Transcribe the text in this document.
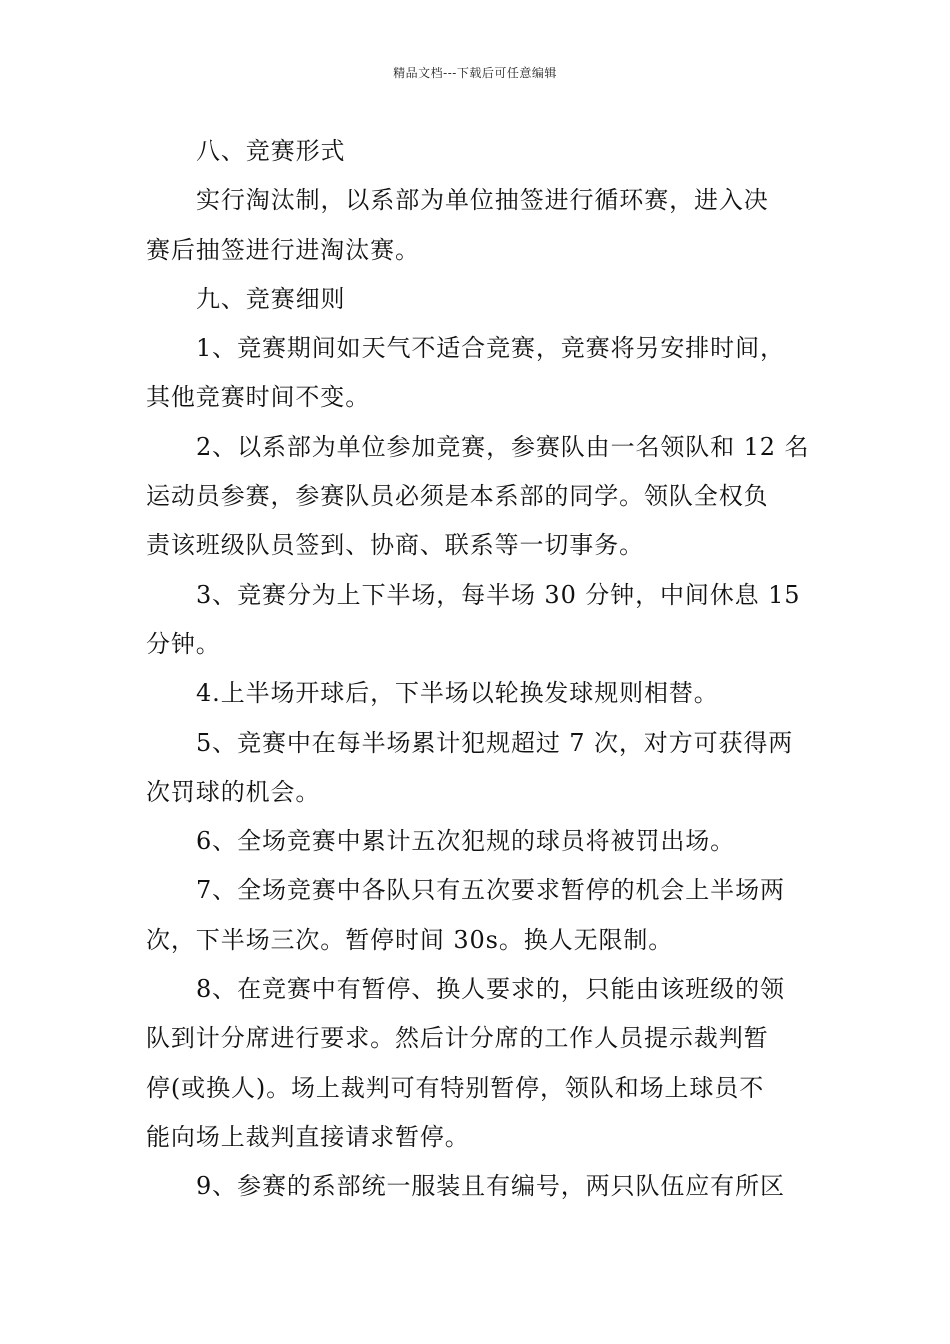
精品文档---下载后可任意编辑
八、竞赛形式
实行淘汰制，以系部为单位抽签进行循环赛，进入决
赛后抽签进行进淘汰赛。
九、竞赛细则
1、竞赛期间如天气不适合竞赛，竞赛将另安排时间，
其他竞赛时间不变。
2、以系部为单位参加竞赛，参赛队由一名领队和 12 名
运动员参赛，参赛队员必须是本系部的同学。领队全权负
责该班级队员签到、协商、联系等一切事务。
3、竞赛分为上下半场，每半场 30 分钟，中间休息 15
分钟。
4.上半场开球后，下半场以轮换发球规则相替。
5、竞赛中在每半场累计犯规超过 7 次，对方可获得两
次罚球的机会。
6、全场竞赛中累计五次犯规的球员将被罚出场。
7、全场竞赛中各队只有五次要求暂停的机会上半场两
次，下半场三次。暂停时间 30s。换人无限制。
8、在竞赛中有暂停、换人要求的，只能由该班级的领
队到计分席进行要求。然后计分席的工作人员提示裁判暂
停(或换人)。场上裁判可有特别暂停，领队和场上球员不
能向场上裁判直接请求暂停。
9、参赛的系部统一服装且有编号，两只队伍应有所区
